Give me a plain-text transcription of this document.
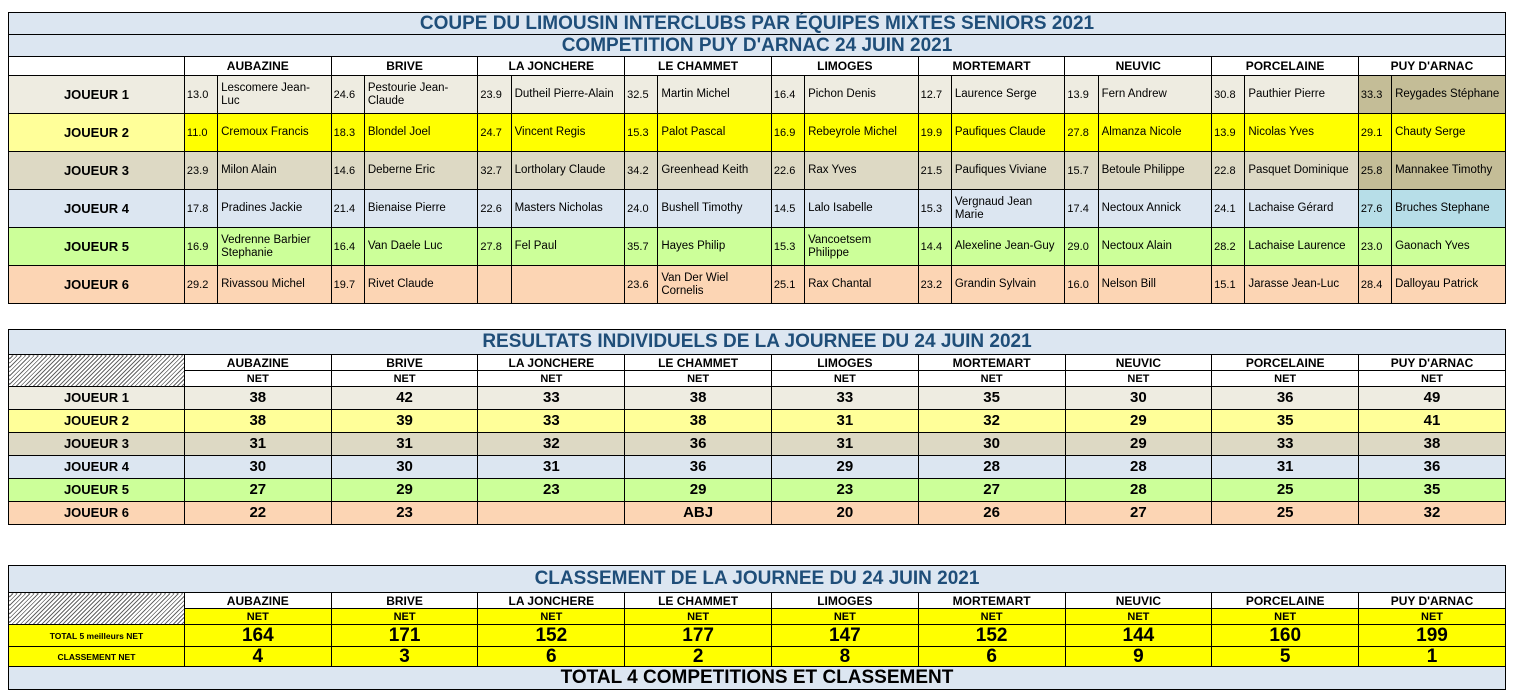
COUPE DU LIMOUSIN INTERCLUBS PAR ÉQUIPES MIXTES SENIORS 2021																		
COMPETITION PUY D'ARNAC 24 JUIN 2021																		
	AUBAZINE		BRIVE		LA JONCHERE		LE CHAMMET		LIMOGES		MORTEMART		NEUVIC		PORCELAINE		PUY D'ARNAC	
JOUEUR 1	13.0	Lescomere Jean-Luc	24.6	Pestourie Jean-Claude	23.9	Dutheil Pierre-Alain	32.5	Martin Michel	16.4	Pichon Denis	12.7	Laurence Serge	13.9	Fern Andrew	30.8	Pauthier Pierre	33.3	Reygades Stéphane
JOUEUR 2	11.0	Cremoux Francis	18.3	Blondel Joel	24.7	Vincent Regis	15.3	Palot Pascal	16.9	Rebeyrole Michel	19.9	Paufiques Claude	27.8	Almanza Nicole	13.9	Nicolas Yves	29.1	Chauty Serge
JOUEUR 3	23.9	Milon Alain	14.6	Deberne Eric	32.7	Lortholary Claude	34.2	Greenhead Keith	22.6	Rax Yves	21.5	Paufiques Viviane	15.7	Betoule Philippe	22.8	Pasquet Dominique	25.8	Mannakee Timothy
JOUEUR 4	17.8	Pradines Jackie	21.4	Bienaise Pierre	22.6	Masters Nicholas	24.0	Bushell Timothy	14.5	Lalo Isabelle	15.3	Vergnaud Jean Marie	17.4	Nectoux Annick	24.1	Lachaise Gérard	27.6	Bruches Stephane
JOUEUR 5	16.9	Vedrenne Barbier Stephanie	16.4	Van Daele Luc	27.8	Fel Paul	35.7	Hayes Philip	15.3	Vancoetsem Philippe	14.4	Alexeline Jean-Guy	29.0	Nectoux Alain	28.2	Lachaise Laurence	23.0	Gaonach Yves
JOUEUR 6	29.2	Rivassou Michel	19.7	Rivet Claude			23.6	Van Der Wiel Cornelis	25.1	Rax Chantal	23.2	Grandin Sylvain	16.0	Nelson Bill	15.1	Jarasse Jean-Luc	28.4	Dalloyau Patrick
RESULTATS INDIVIDUELS DE LA JOURNEE DU 24 JUIN 2021									
	AUBAZINE	BRIVE	LA JONCHERE	LE CHAMMET	LIMOGES	MORTEMART	NEUVIC	PORCELAINE	PUY D'ARNAC
	NET	NET	NET	NET	NET	NET	NET	NET	NET
JOUEUR 1	38	42	33	38	33	35	30	36	49
JOUEUR 2	38	39	33	38	31	32	29	35	41
JOUEUR 3	31	31	32	36	31	30	29	33	38
JOUEUR 4	30	30	31	36	29	28	28	31	36
JOUEUR 5	27	29	23	29	23	27	28	25	35
JOUEUR 6	22	23		ABJ	20	26	27	25	32
CLASSEMENT DE LA JOURNEE DU 24 JUIN 2021									
	AUBAZINE	BRIVE	LA JONCHERE	LE CHAMMET	LIMOGES	MORTEMART	NEUVIC	PORCELAINE	PUY D'ARNAC
	NET	NET	NET	NET	NET	NET	NET	NET	NET
TOTAL 5 meilleurs NET	164	171	152	177	147	152	144	160	199
CLASSEMENT NET	4	3	6	2	8	6	9	5	1
TOTAL 4 COMPETITIONS ET CLASSEMENT									
